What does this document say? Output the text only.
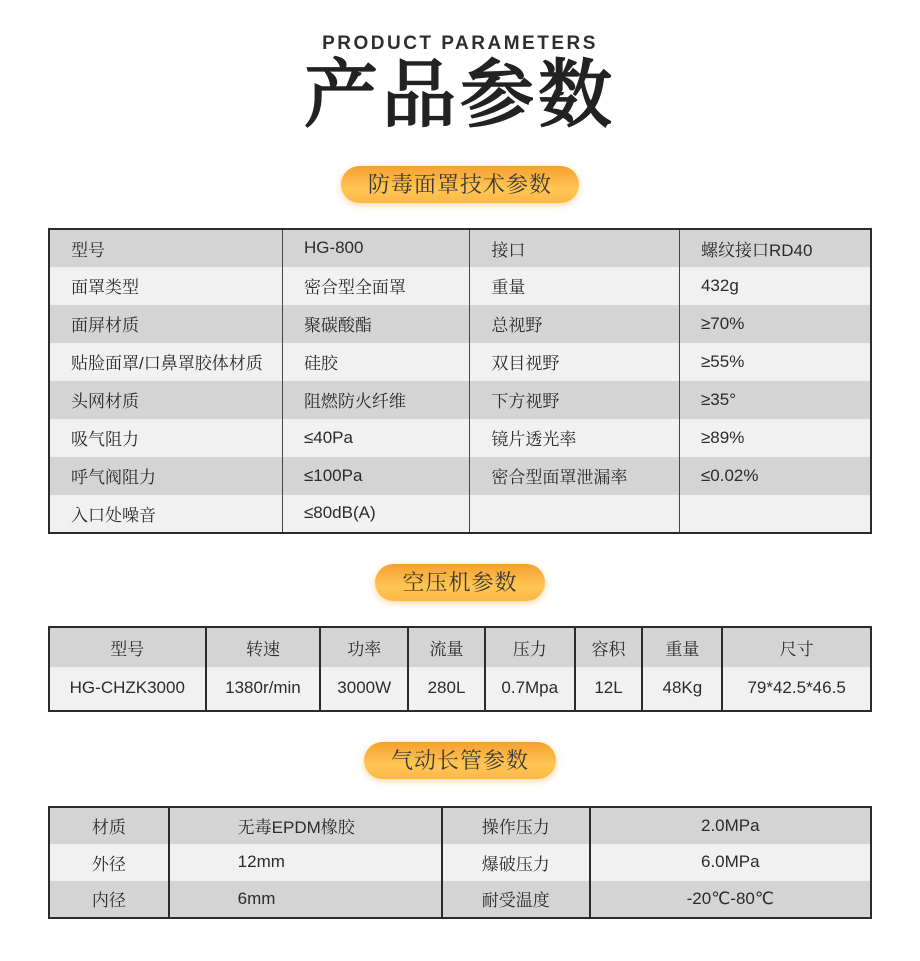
PRODUCT PARAMETERS
产品参数
防毒面罩技术参数
型号	HG-800	接口	螺纹接口RD40
面罩类型	密合型全面罩	重量	432g
面屏材质	聚碳酸酯	总视野	≥70%
贴脸面罩/口鼻罩胶体材质	硅胶	双目视野	≥55%
头网材质	阻燃防火纤维	下方视野	≥35°
吸气阻力	≤40Pa	镜片透光率	≥89%
呼气阀阻力	≤100Pa	密合型面罩泄漏率	≤0.02%
入口处噪音	≤80dB(A)		
空压机参数
型号	转速	功率	流量	压力	容积	重量	尺寸
HG-CHZK3000	1380r/min	3000W	280L	0.7Mpa	12L	48Kg	79*42.5*46.5
气动长管参数
材质	无毒EPDM橡胶	操作压力	2.0MPa
外径	12mm	爆破压力	6.0MPa
内径	6mm	耐受温度	-20℃-80℃
